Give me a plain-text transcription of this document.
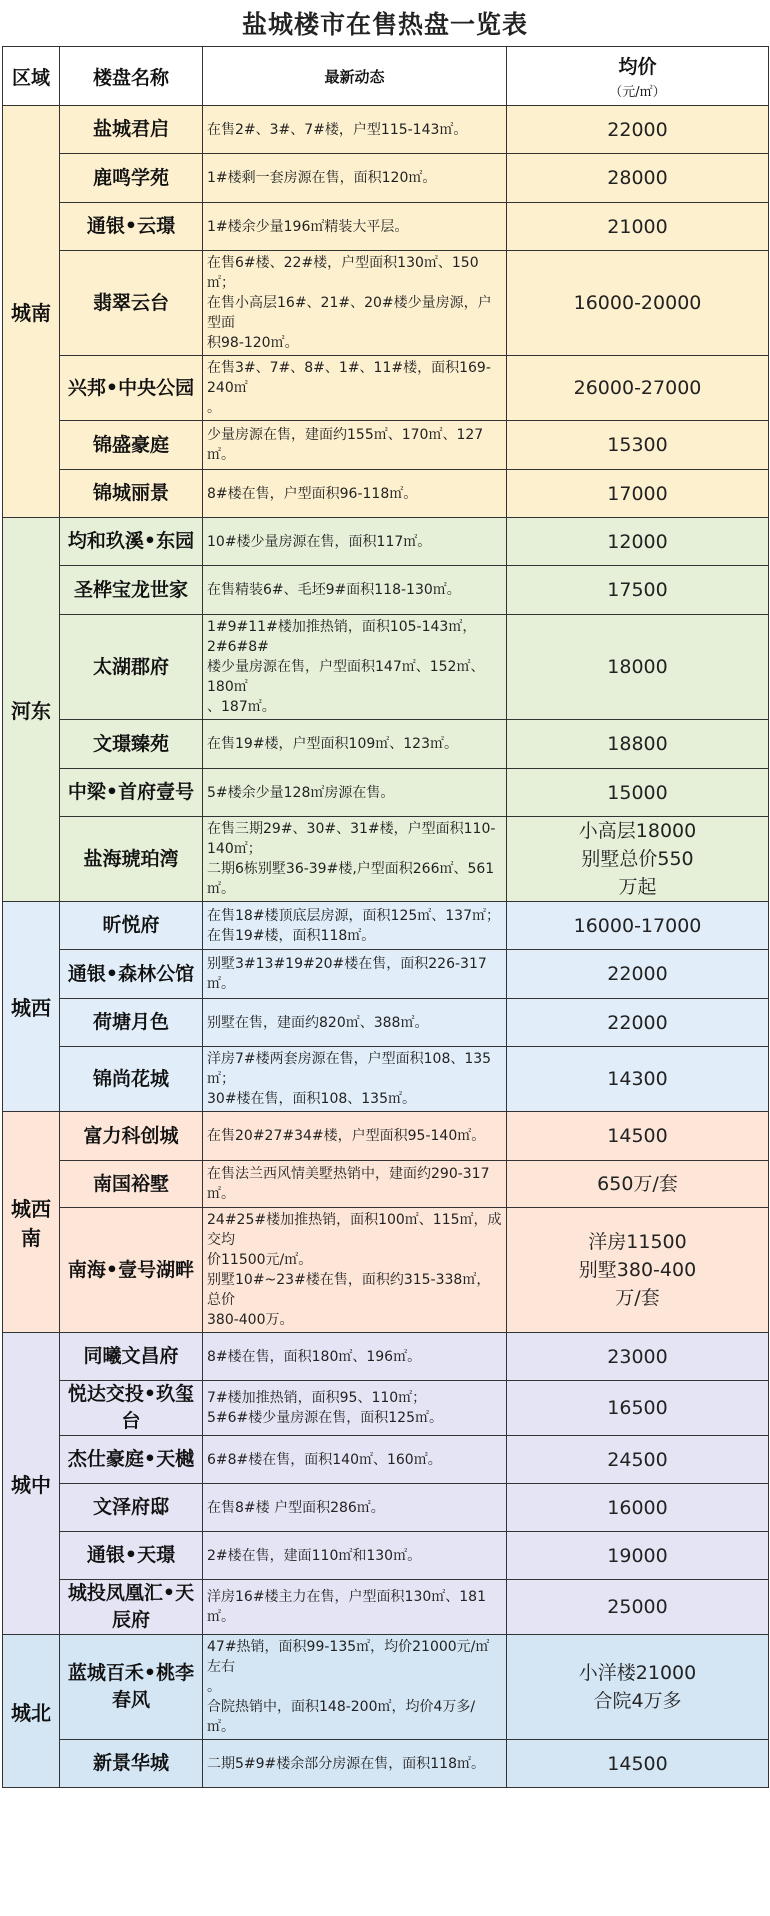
盐城楼市在售热盘一览表
区域	楼盘名称	最新动态	均价
（元/㎡）

城南	盐城君启	在售2#、3#、7#楼，户型115-143㎡。	22000

	鹿鸣学苑	1#楼剩一套房源在售，面积120㎡。	28000

	通银•云璟	1#楼余少量196㎡精装大平层。	21000

	翡翠云台	在售6#楼、22#楼，户型面积130㎡、150㎡；
在售小高层16#、21#、20#楼少量房源，户型面
积98-120㎡。	16000-20000

	兴邦•中央公园	在售3#、7#、8#、1#、11#楼，面积169-240㎡
。	26000-27000

	锦盛豪庭	少量房源在售，建面约155㎡、170㎡、127㎡。	15300

	锦城丽景	8#楼在售，户型面积96-118㎡。	17000

河东	均和玖溪•东园	10#楼少量房源在售，面积117㎡。	12000

	圣桦宝龙世家	在售精装6#、毛坯9#面积118-130㎡。	17500

	太湖郡府	1#9#11#楼加推热销，面积105-143㎡，2#6#8#
楼少量房源在售，户型面积147㎡、152㎡、180㎡
、187㎡。	18000

	文璟臻苑	在售19#楼，户型面积109㎡、123㎡。	18800

	中梁•首府壹号	5#楼余少量128㎡房源在售。	15000

	盐海琥珀湾	在售三期29#、30#、31#楼，户型面积110-
140㎡；
二期6栋别墅36-39#楼,户型面积266㎡、561㎡。	小高层18000
别墅总价550
万起

城西	昕悦府	在售18#楼顶底层房源，面积125㎡、137㎡；
在售19#楼，面积118㎡。	16000-17000

	通银•森林公馆	别墅3#13#19#20#楼在售，面积226-317㎡。	22000

	荷塘月色	别墅在售，建面约820㎡、388㎡。	22000

	锦尚花城	洋房7#楼两套房源在售，户型面积108、135㎡；
30#楼在售，面积108、135㎡。	14300

城西南	富力科创城	在售20#27#34#楼，户型面积95-140㎡。	14500

	南国裕墅	在售法兰西风情美墅热销中，建面约290-317㎡。	650万/套

	南海•壹号湖畔	24#25#楼加推热销，面积100㎡、115㎡，成交均
价11500元/㎡。
别墅10#~23#楼在售，面积约315-338㎡，总价
380-400万。	洋房11500
别墅380-400
万/套

城中	同曦文昌府	8#楼在售，面积180㎡、196㎡。	23000

	悦达交投•玖玺台	7#楼加推热销，面积95、110㎡；
5#6#楼少量房源在售，面积125㎡。	16500

	杰仕豪庭•天樾	6#8#楼在售，面积140㎡、160㎡。	24500

	文泽府邸	在售8#楼 户型面积286㎡。	16000

	通银•天璟	2#楼在售，建面110㎡和130㎡。	19000

	城投凤凰汇•天辰府	洋房16#楼主力在售，户型面积130㎡、181㎡。	25000

城北	蓝城百禾•桃李春风	47#热销，面积99-135㎡，均价21000元/㎡左右
。
合院热销中，面积148-200㎡，均价4万多/㎡。	小洋楼21000
合院4万多

	新景华城	二期5#9#楼余部分房源在售，面积118㎡。	14500
